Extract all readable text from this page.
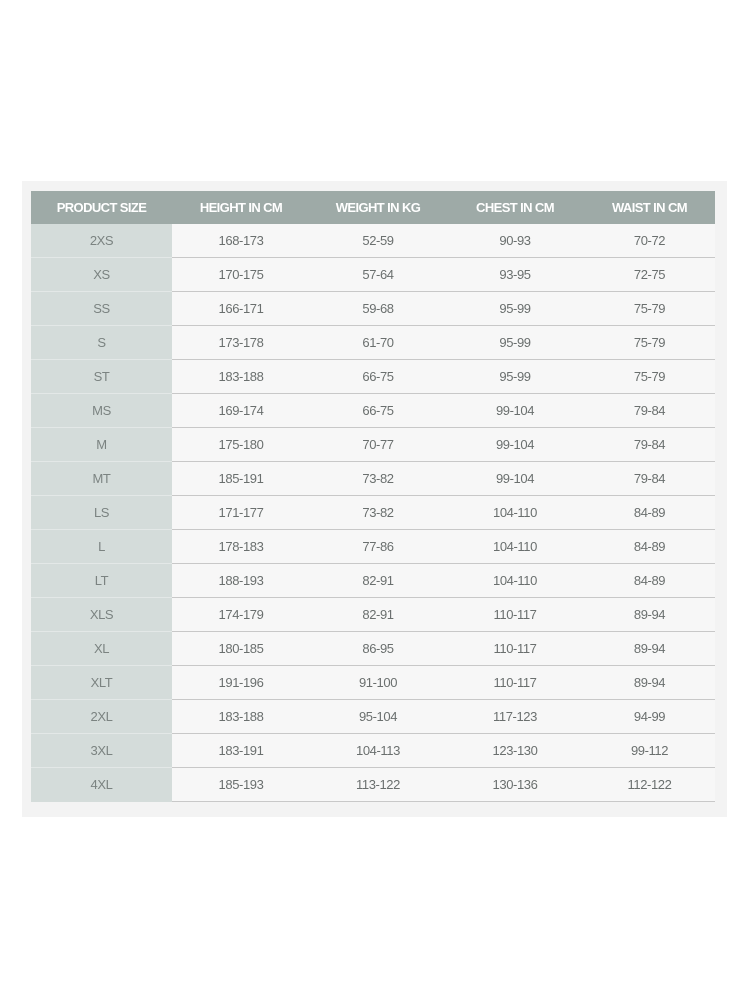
PRODUCT SIZE	HEIGHT IN CM	WEIGHT IN KG	CHEST IN CM	WAIST IN CM
2XS	168-173	52-59	90-93	70-72
XS	170-175	57-64	93-95	72-75
SS	166-171	59-68	95-99	75-79
S	173-178	61-70	95-99	75-79
ST	183-188	66-75	95-99	75-79
MS	169-174	66-75	99-104	79-84
M	175-180	70-77	99-104	79-84
MT	185-191	73-82	99-104	79-84
LS	171-177	73-82	104-110	84-89
L	178-183	77-86	104-110	84-89
LT	188-193	82-91	104-110	84-89
XLS	174-179	82-91	110-117	89-94
XL	180-185	86-95	110-117	89-94
XLT	191-196	91-100	110-117	89-94
2XL	183-188	95-104	117-123	94-99
3XL	183-191	104-113	123-130	99-112
4XL	185-193	113-122	130-136	112-122
